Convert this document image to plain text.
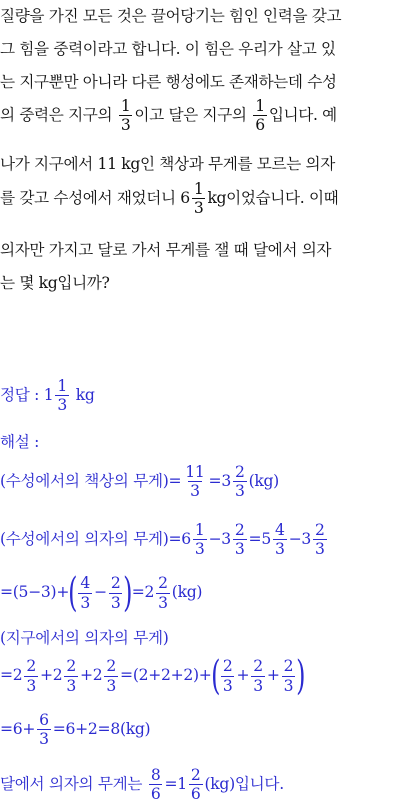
질량을 가진 모든 것은 끌어당기는 힘인 인력을 갖고
그 힘을 중력이라고 합니다. 이 힘은 우리가 살고 있
는 지구뿐만 아니라 다른 행성에도 존재하는데 수성
의 중력은 지구의 $\frac{1}{3}$ 이고 달은 지구의 $\frac{1}{6}$ 입니다. 예
나가 지구에서 11 kg인 책상과 무게를 모르는 의자
를 갖고 수성에서 재었더니 $6 \frac{1}{3}$ kg이었습니다. 이때
의자만 가지고 달로 가서 무게를 잴 때 달에서 의자
는 몇 kg입니까?
정답 : $1 \frac{1}{3}$ kg
해설 :
(수성에서의 책상의 무게)= $\frac{11}{3} =3 \frac{2}{3} (kg)$
(수성에서의 의자의 무게)$=6 \frac{1}{3} -3 \frac{2}{3} =5 \frac{4}{3} -3 \frac{2}{3}$
$=(5-3)+( \frac{4}{3} - \frac{2}{3} )=2 \frac{2}{3} (kg)$
(지구에서의 의자의 무게)
$=2 \frac{2}{3} +2 \frac{2}{3} +2 \frac{2}{3} =(2+2+2)+( \frac{2}{3} + \frac{2}{3} + \frac{2}{3}$ )
$=6+ \frac{6}{3} =6+2=8(kg)$
달에서 의자의 무게는 $\frac{8}{6} =1 \frac{2}{6} (kg)$입니다.
